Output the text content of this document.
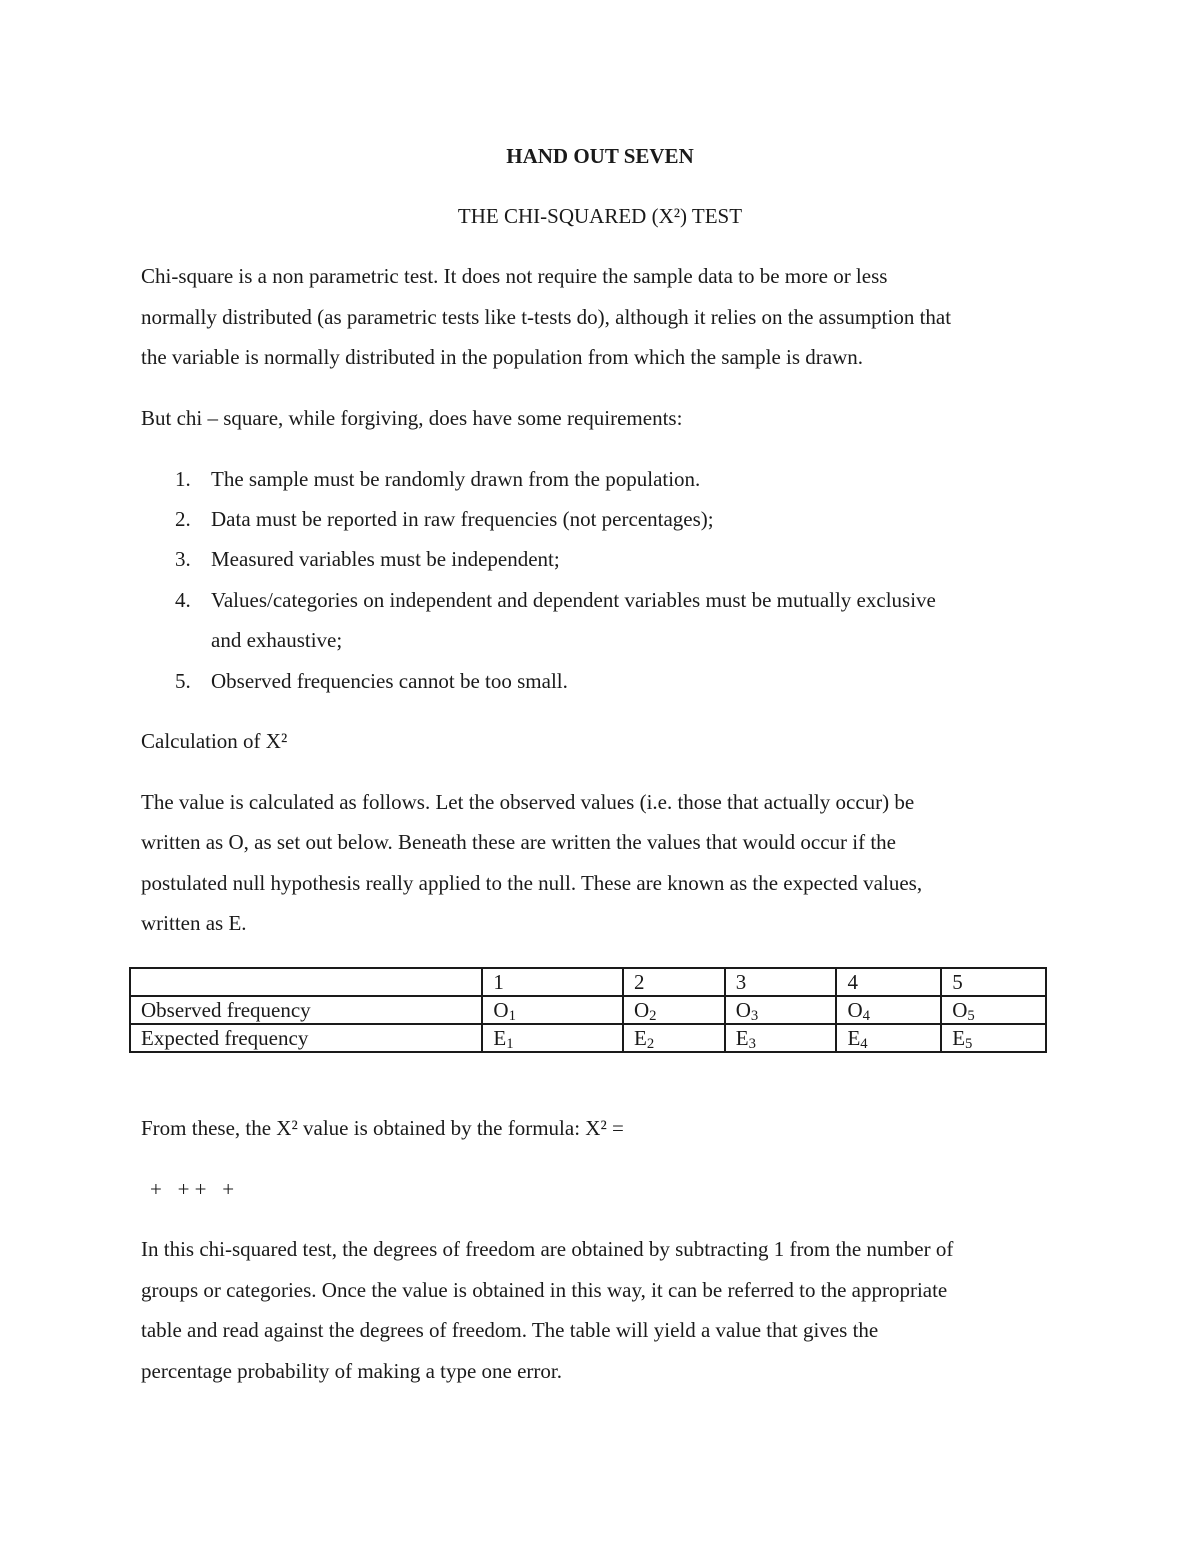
HAND OUT SEVEN
THE CHI-SQUARED (X²) TEST
Chi-square is a non parametric test. It does not require the sample data to be more or less
normally distributed (as parametric tests like t-tests do), although it relies on the assumption that
the variable is normally distributed in the population from which the sample is drawn.
But chi – square, while forgiving, does have some requirements:
1. The sample must be randomly drawn from the population.
2. Data must be reported in raw frequencies (not percentages);
3. Measured variables must be independent;
4. Values/categories on independent and dependent variables must be mutually exclusive
and exhaustive;
5. Observed frequencies cannot be too small.
Calculation of X²
The value is calculated as follows. Let the observed values (i.e. those that actually occur) be
written as O, as set out below. Beneath these are written the values that would occur if the
postulated null hypothesis really applied to the null. These are known as the expected values,
written as E.
	1	2	3	4	5
Observed frequency	O1	O2	O3	O4	O5
Expected frequency	E1	E2	E3	E4	E5
From these, the X² value is obtained by the formula: X² =
+   + +   +
In this chi-squared test, the degrees of freedom are obtained by subtracting 1 from the number of
groups or categories. Once the value is obtained in this way, it can be referred to the appropriate
table and read against the degrees of freedom. The table will yield a value that gives the
percentage probability of making a type one error.
